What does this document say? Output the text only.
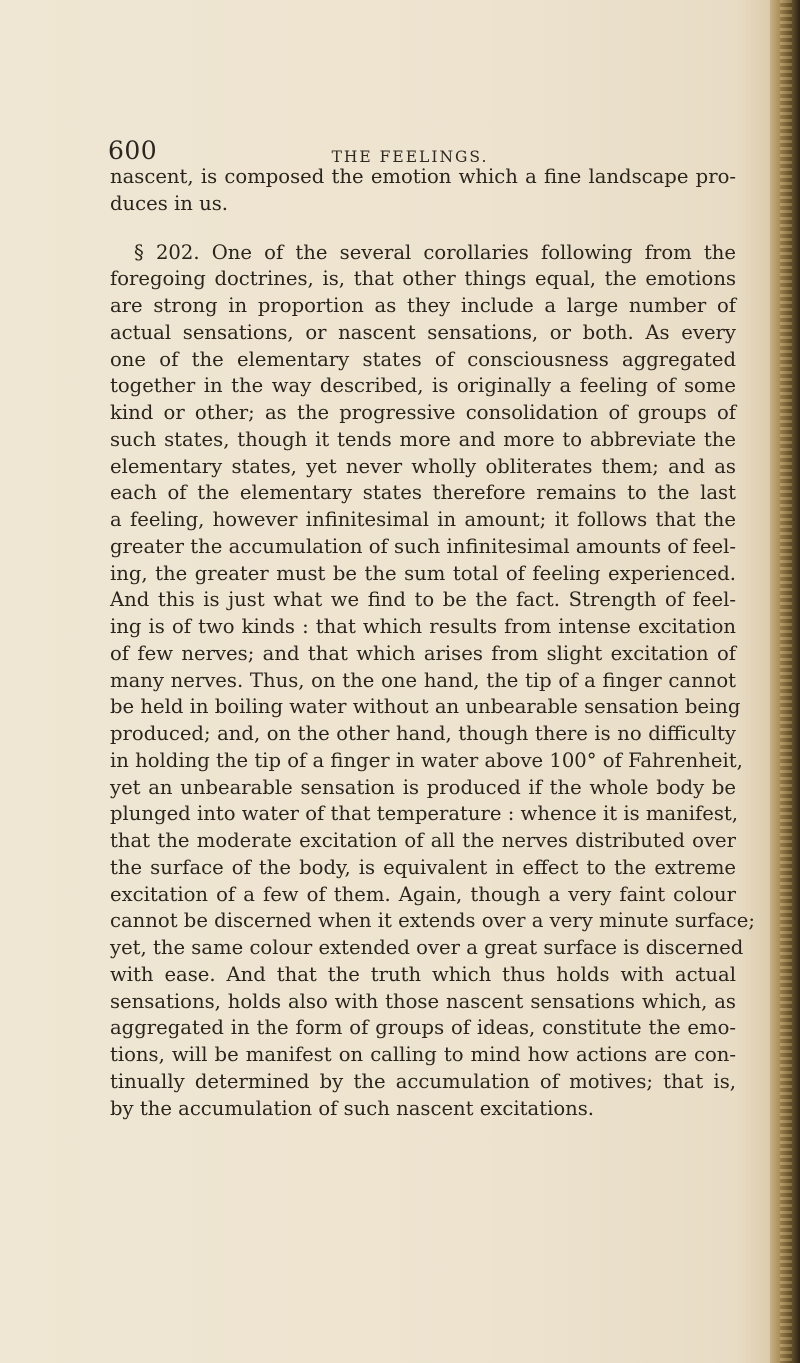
600	THE FEELINGS.
nascent, is composed the emotion which a fine landscape pro-
duces in us.
§ 202. One of the several corollaries following from the
foregoing doctrines, is, that other things equal, the emotions
are strong in proportion as they include a large number of
actual sensations, or nascent sensations, or both. As every
one of the elementary states of consciousness aggregated
together in the way described, is originally a feeling of some
kind or other; as the progressive consolidation of groups of
such states, though it tends more and more to abbreviate the
elementary states, yet never wholly obliterates them; and as
each of the elementary states therefore remains to the last
a feeling, however infinitesimal in amount; it follows that the
greater the accumulation of such infinitesimal amounts of feel-
ing, the greater must be the sum total of feeling experienced.
And this is just what we find to be the fact. Strength of feel-
ing is of two kinds : that which results from intense excitation
of few nerves; and that which arises from slight excitation of
many nerves. Thus, on the one hand, the tip of a finger cannot
be held in boiling water without an unbearable sensation being
produced; and, on the other hand, though there is no difficulty
in holding the tip of a finger in water above 100° of Fahrenheit,
yet an unbearable sensation is produced if the whole body be
plunged into water of that temperature : whence it is manifest,
that the moderate excitation of all the nerves distributed over
the surface of the body, is equivalent in effect to the extreme
excitation of a few of them. Again, though a very faint colour
cannot be discerned when it extends over a very minute surface;
yet, the same colour extended over a great surface is discerned
with ease. And that the truth which thus holds with actual
sensations, holds also with those nascent sensations which, as
aggregated in the form of groups of ideas, constitute the emo-
tions, will be manifest on calling to mind how actions are con-
tinually determined by the accumulation of motives; that is,
by the accumulation of such nascent excitations.
